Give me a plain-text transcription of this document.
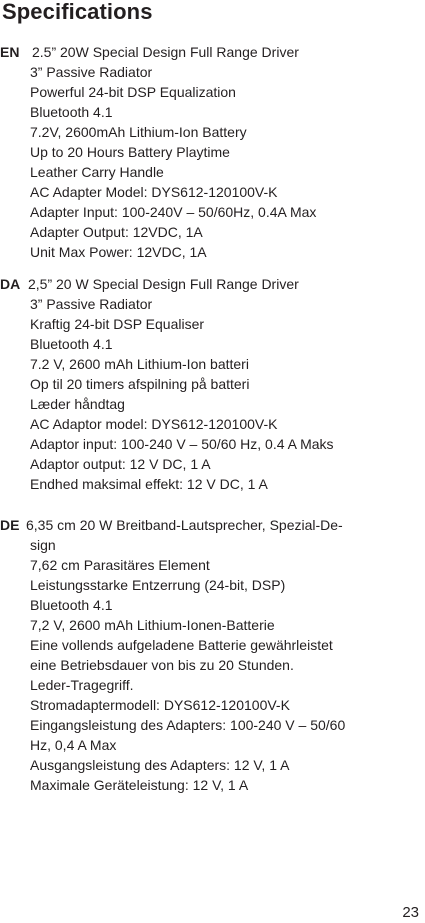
Specifications
EN 2.5” 20W Special Design Full Range Driver
3” Passive Radiator
Powerful 24-bit DSP Equalization
Bluetooth 4.1
7.2V, 2600mAh Lithium-Ion Battery
Up to 20 Hours Battery Playtime
Leather Carry Handle
AC Adapter Model: DYS612-120100V-K
Adapter Input: 100-240V – 50/60Hz, 0.4A Max
Adapter Output: 12VDC, 1A
Unit Max Power: 12VDC, 1A
DA 2,5” 20 W Special Design Full Range Driver
3” Passive Radiator
Kraftig 24-bit DSP Equaliser
Bluetooth 4.1
7.2 V, 2600 mAh Lithium-Ion batteri
Op til 20 timers afspilning på batteri
Læder håndtag
AC Adaptor model: DYS612-120100V-K
Adaptor input: 100-240 V – 50/60 Hz, 0.4 A Maks
Adaptor output: 12 V DC, 1 A
Endhed maksimal effekt: 12 V DC, 1 A
DE 6,35 cm 20 W Breitband-Lautsprecher, Spezial-De-
sign
7,62 cm Parasitäres Element
Leistungsstarke Entzerrung (24-bit, DSP)
Bluetooth 4.1
7,2 V, 2600 mAh Lithium-Ionen-Batterie
Eine vollends aufgeladene Batterie gewährleistet
eine Betriebsdauer von bis zu 20 Stunden.
Leder-Tragegriff.
Stromadaptermodell: DYS612-120100V-K
Eingangsleistung des Adapters: 100-240 V – 50/60
Hz, 0,4 A Max
Ausgangsleistung des Adapters: 12 V, 1 A
Maximale Geräteleistung: 12 V, 1 A
23
